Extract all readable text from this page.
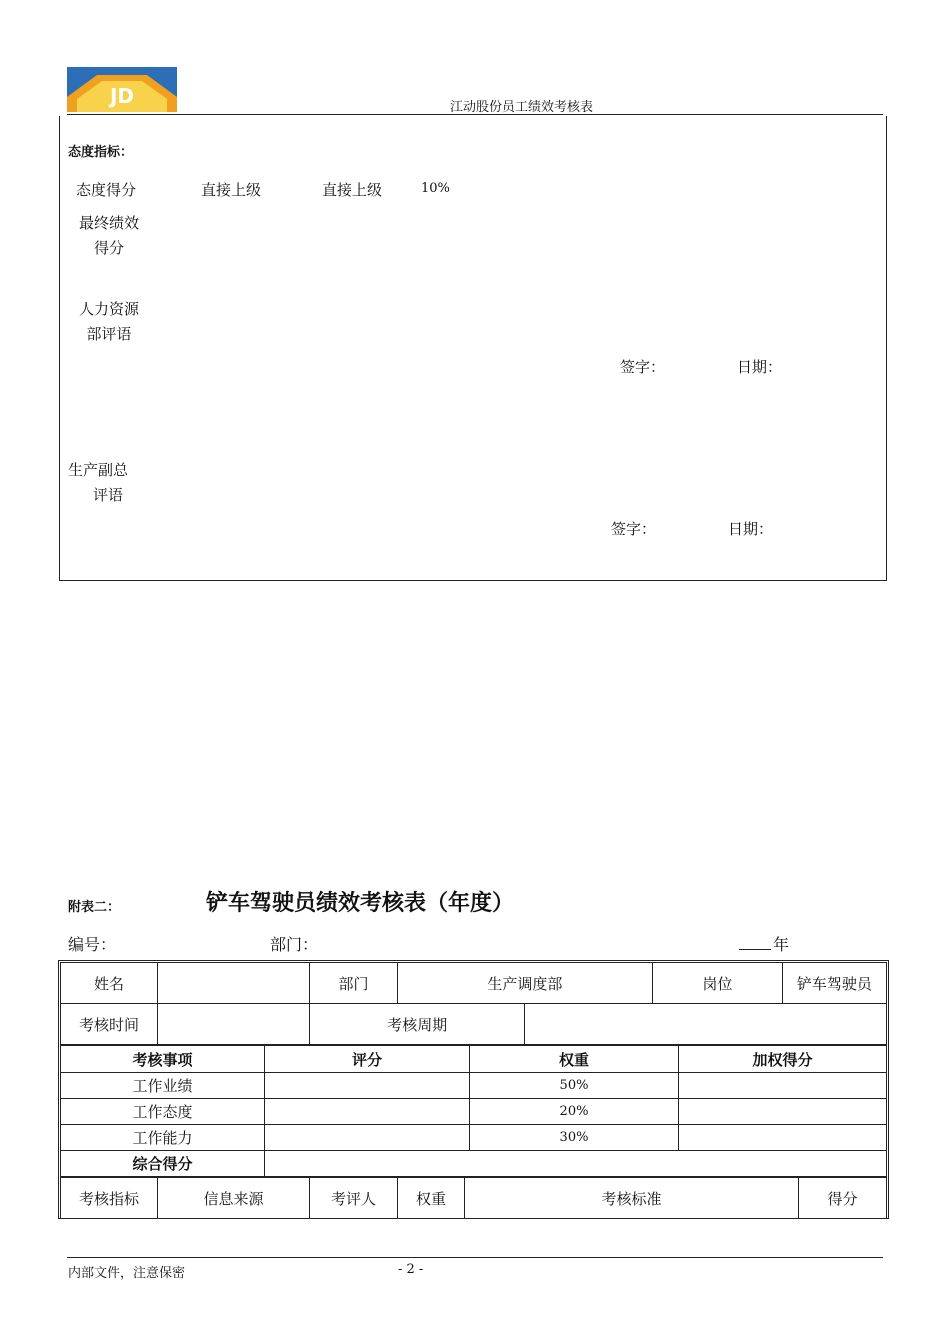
JD	江动股份员工绩效考核表
态度指标：
态度得分	直接上级	直接上级	10%
最终绩效
得分
人力资源
部评语
签字：	日期：
生产副总
评语
签字：	日期：
附表二：	铲车驾驶员绩效考核表（年度）
编号：	部门：	年
姓名		部门	生产调度部		岗位	铲车驾驶员
考核时间		考核周期				
考核事项	评分	权重	加权得分
工作业绩		50%	
工作态度		20%	
工作能力		30%	
综合得分			
考核指标	信息来源	考评人	权重	考核标准	得分
内部文件，注意保密	- 2 -
